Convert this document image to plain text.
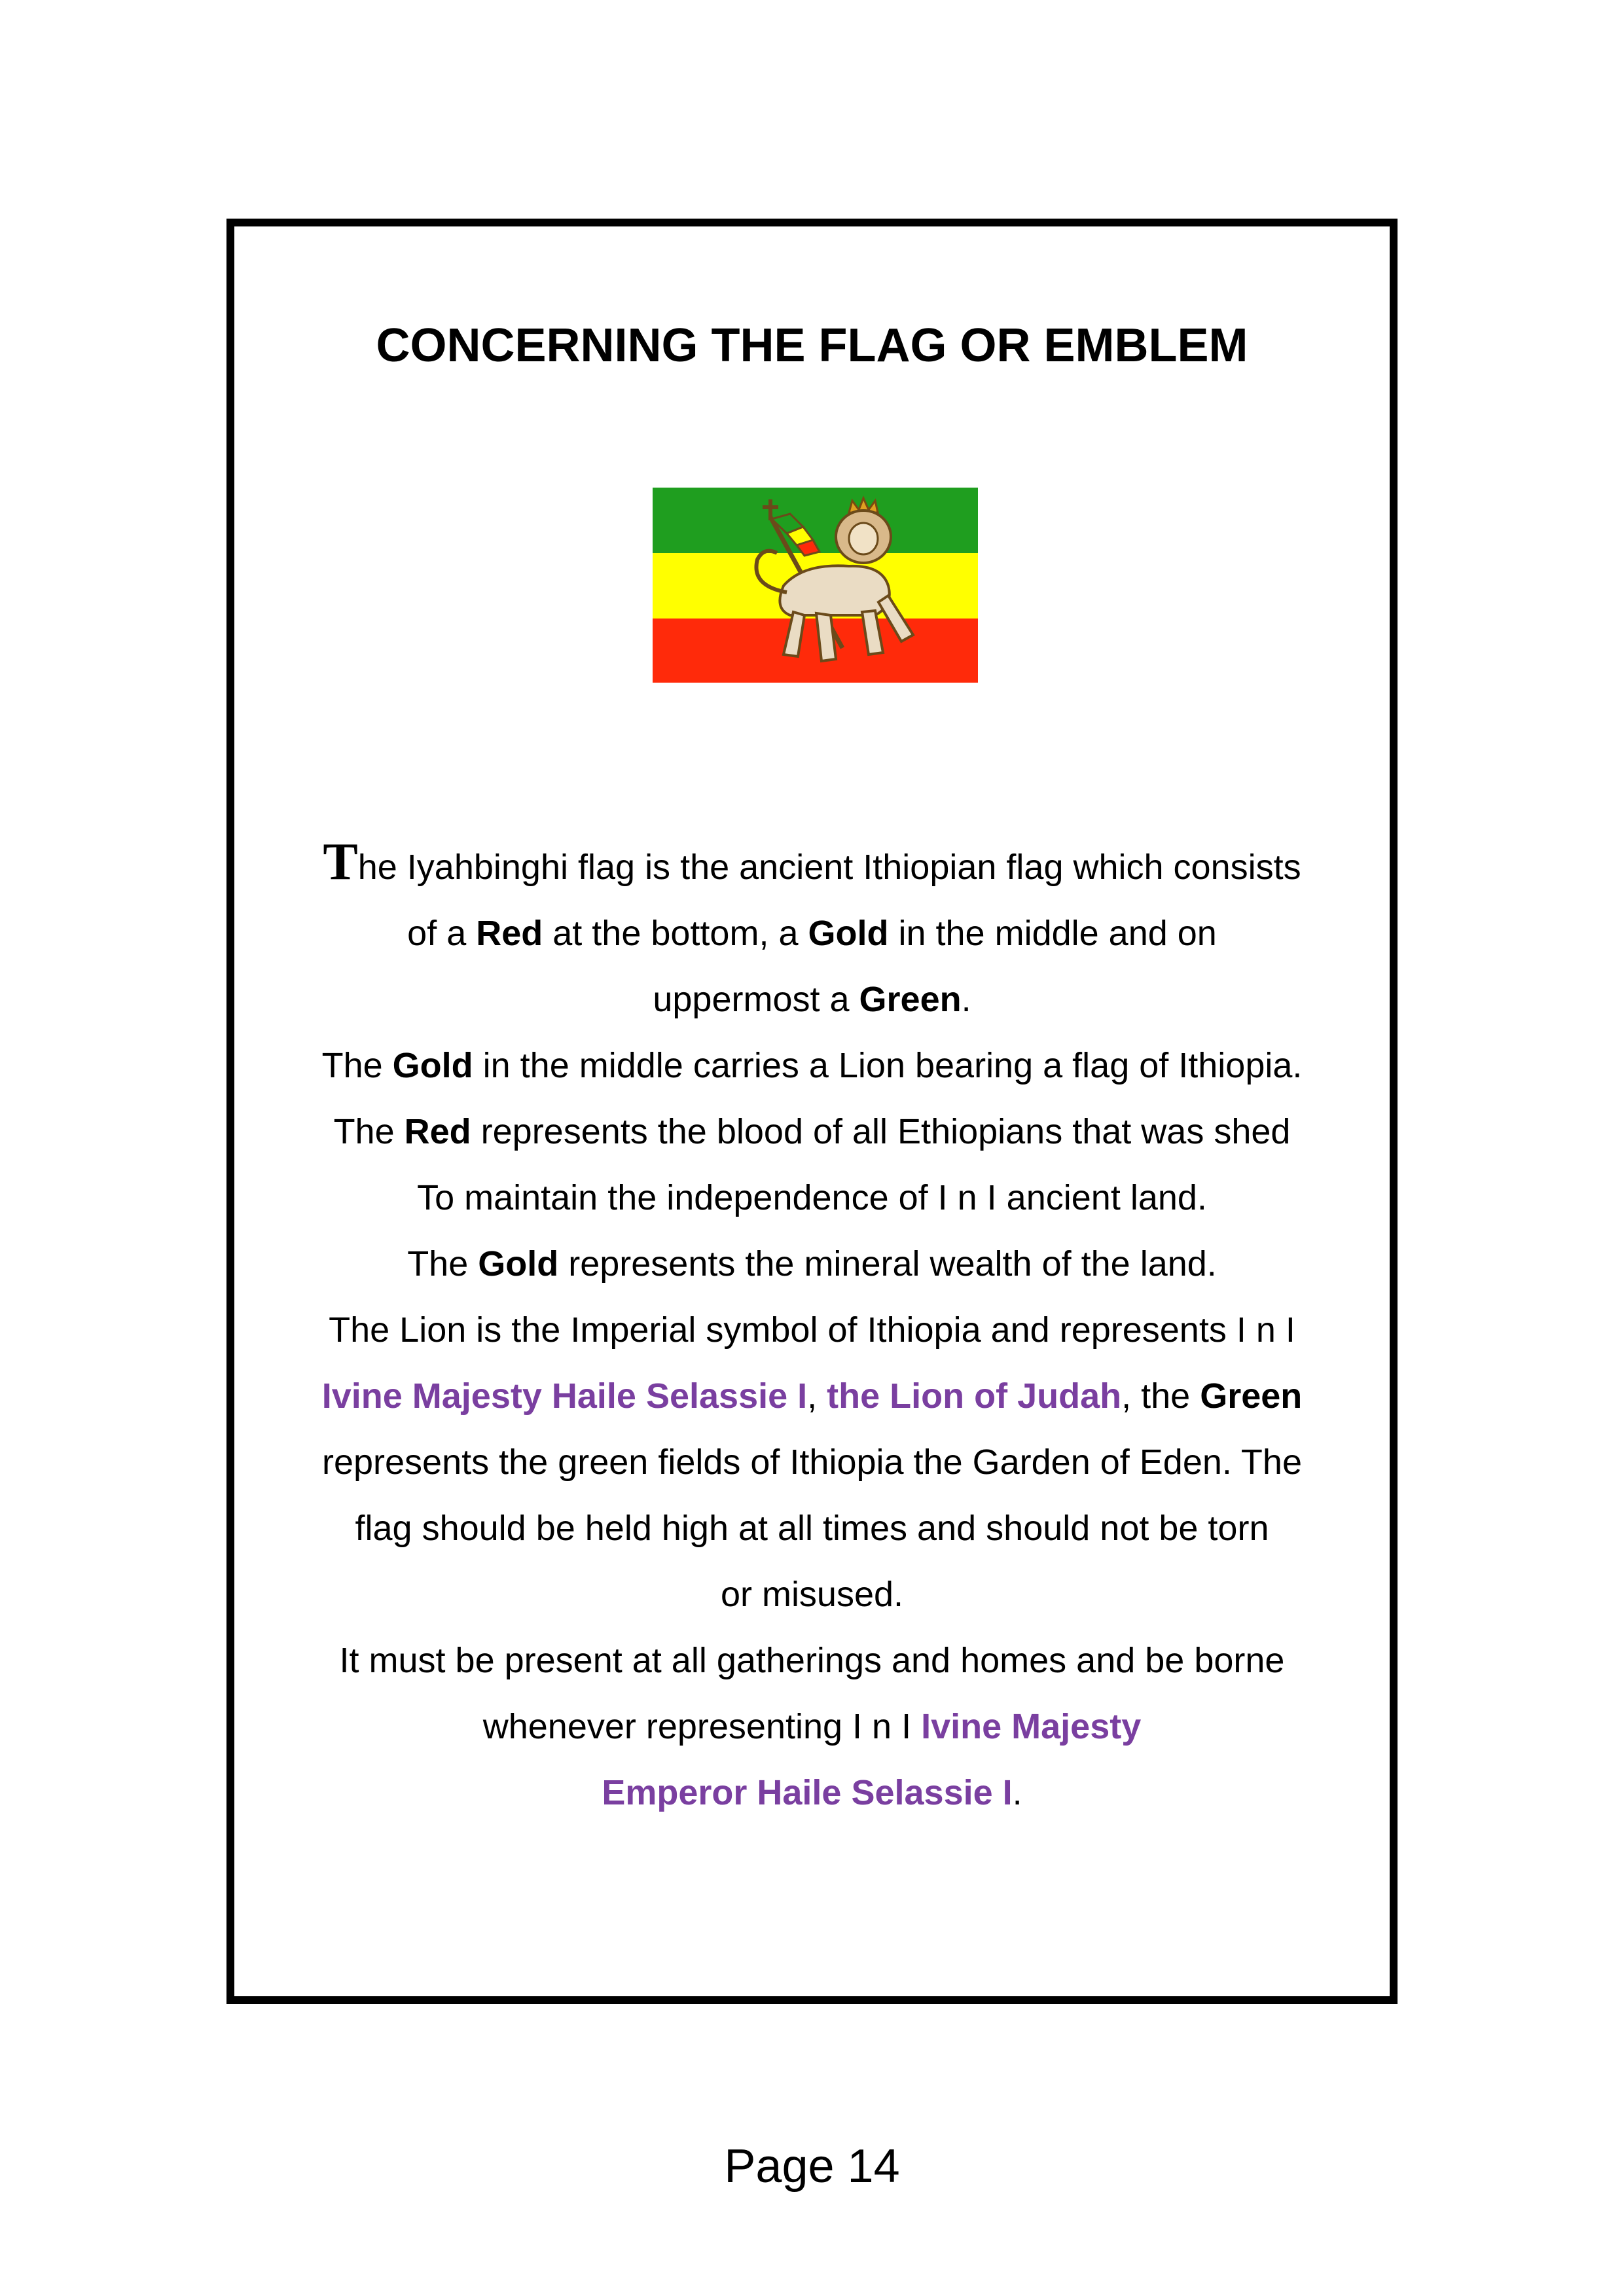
CONCERNING THE FLAG OR EMBLEM
The Iyahbinghi flag is the ancient Ithiopian flag which consists
of a Red at the bottom, a Gold in the middle and on
uppermost a Green.
The Gold in the middle carries a Lion bearing a flag of Ithiopia.
The Red represents the blood of all Ethiopians that was shed
To maintain the independence of I n I ancient land.
The Gold represents the mineral wealth of the land.
The Lion is the Imperial symbol of Ithiopia and represents I n I
Ivine Majesty Haile Selassie I, the Lion of Judah, the Green
represents the green fields of Ithiopia the Garden of Eden. The
flag should be held high at all times and should not be torn
or misused.
It must be present at all gatherings and homes and be borne
whenever representing I n I Ivine Majesty
Emperor Haile Selassie I.
Page 14
